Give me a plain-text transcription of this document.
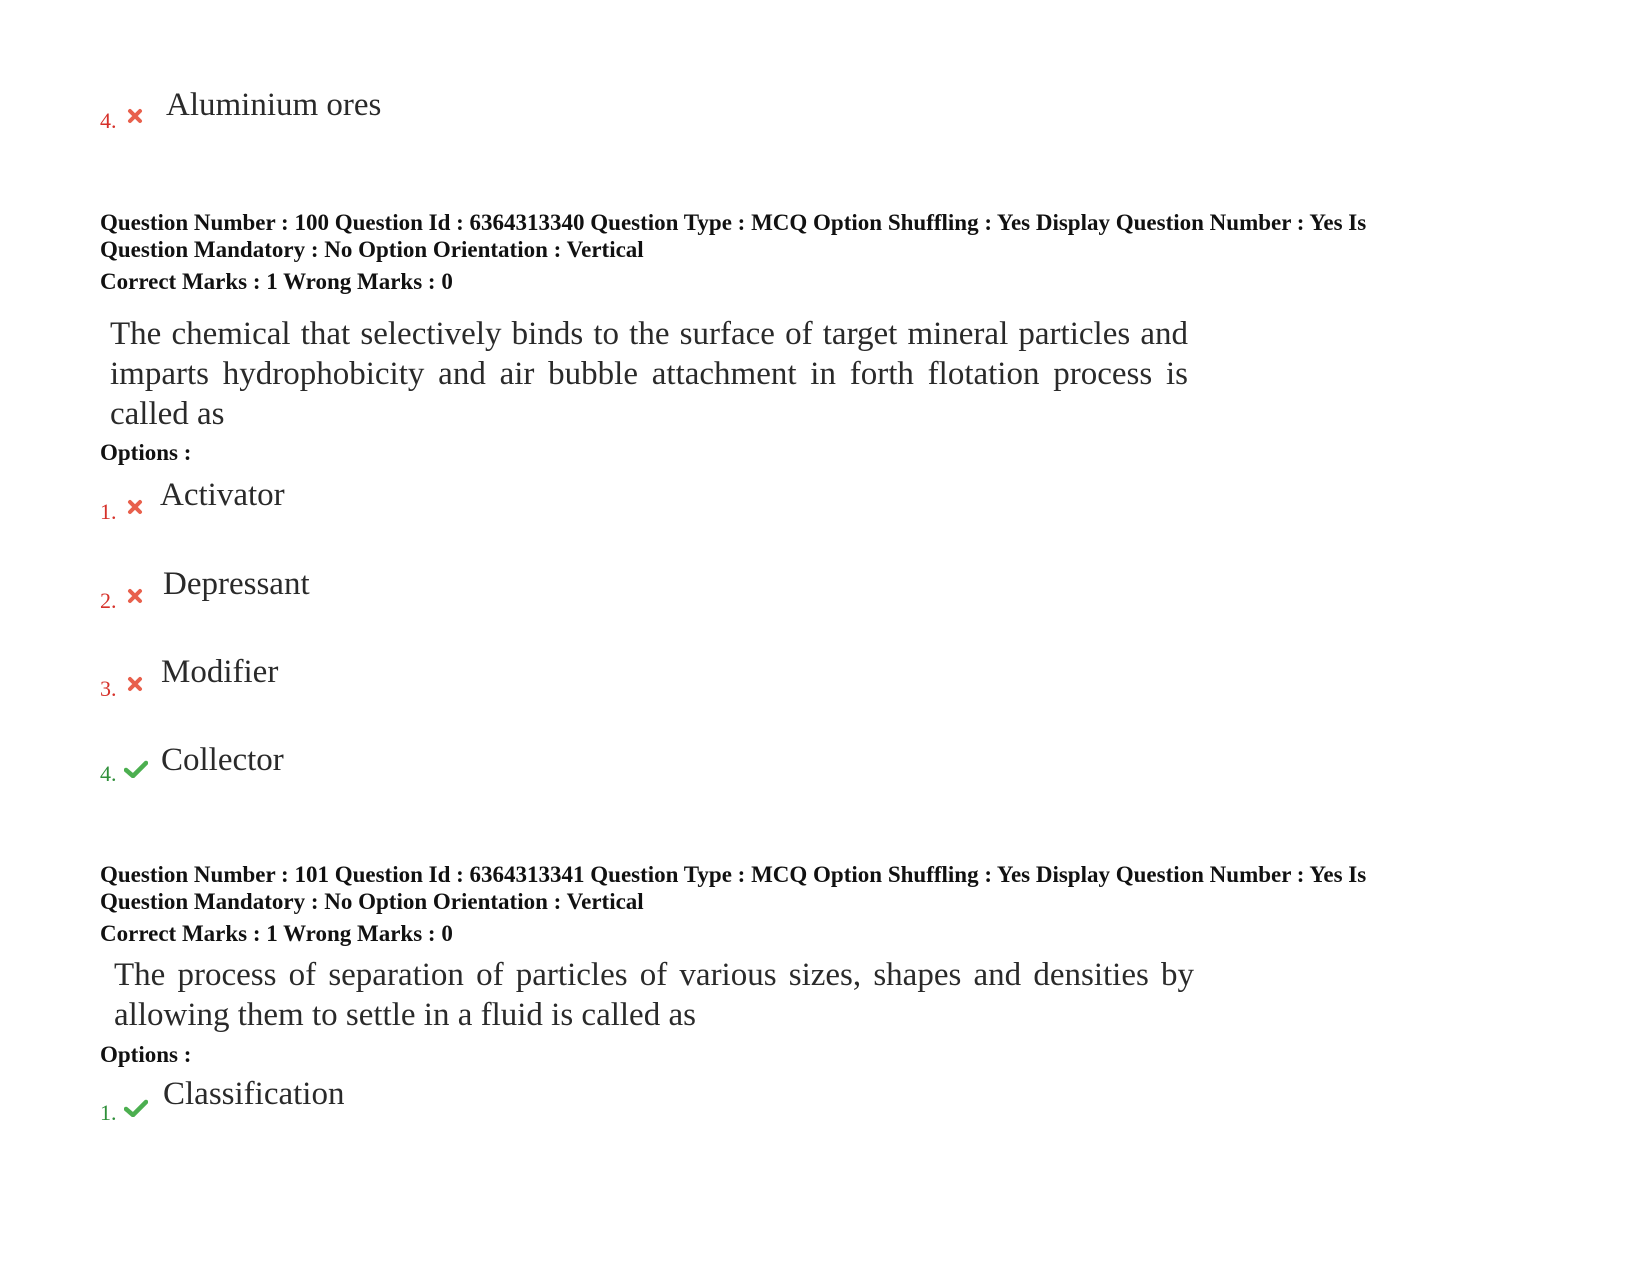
4. Aluminium ores
Question Number : 100 Question Id : 6364313340 Question Type : MCQ Option Shuffling : Yes Display Question Number : Yes Is
Question Mandatory : No Option Orientation : Vertical
Correct Marks : 1 Wrong Marks : 0
The chemical that selectively binds to the surface of target mineral particles and imparts hydrophobicity and air bubble attachment in forth flotation process is called as
Options :
1. Activator
2. Depressant
3. Modifier
4. Collector
Question Number : 101 Question Id : 6364313341 Question Type : MCQ Option Shuffling : Yes Display Question Number : Yes Is
Question Mandatory : No Option Orientation : Vertical
Correct Marks : 1 Wrong Marks : 0
The process of separation of particles of various sizes, shapes and densities by allowing them to settle in a fluid is called as
Options :
1.
Classification
